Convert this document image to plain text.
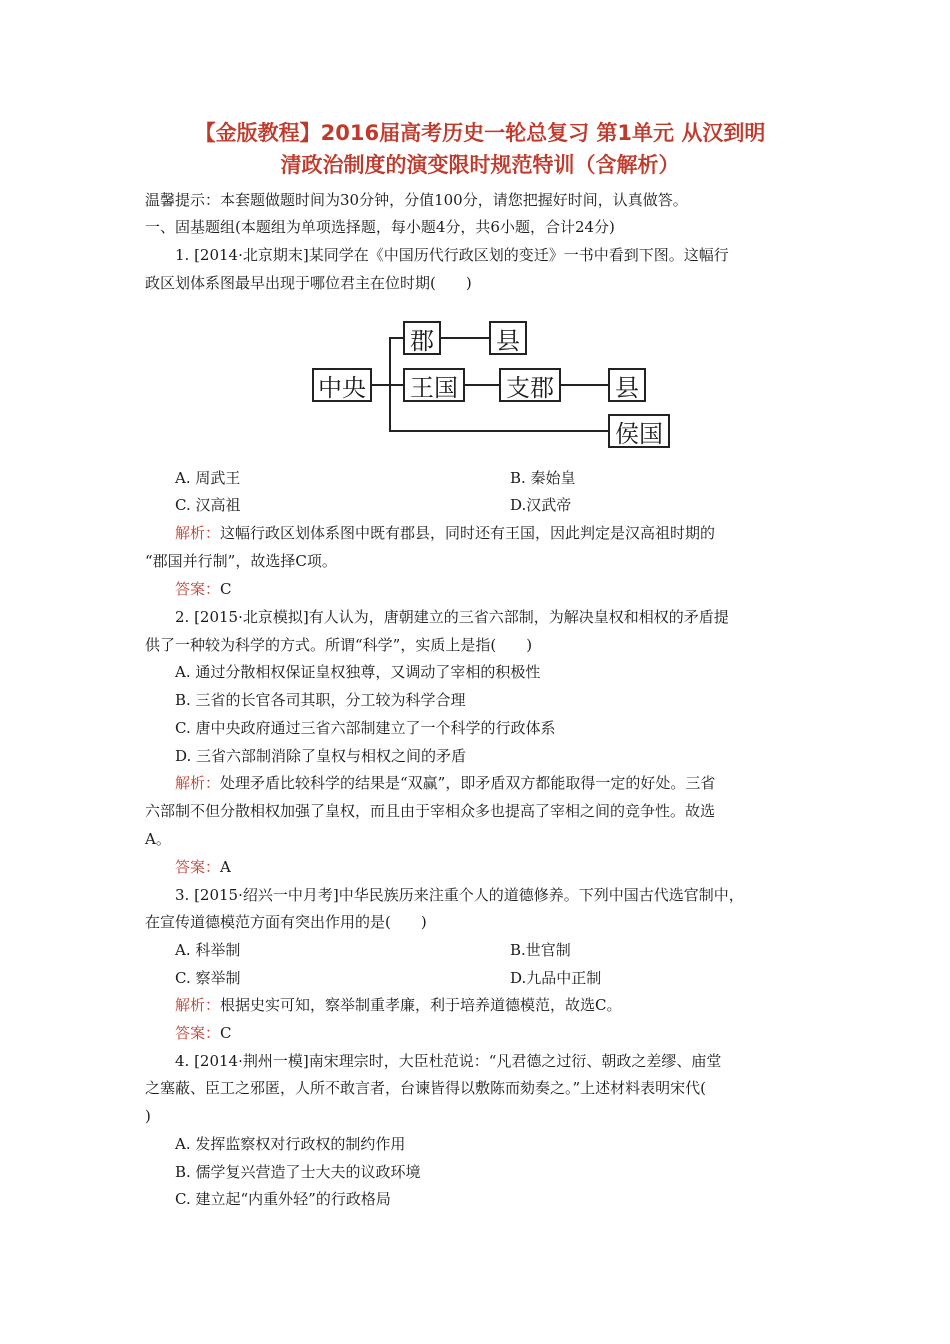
【金版教程】2016届高考历史一轮总复习 第1单元 从汉到明
清政治制度的演变限时规范特训（含解析）
温馨提示：本套题做题时间为30分钟，分值100分，请您把握好时间，认真做答。
一、固基题组(本题组为单项选择题，每小题4分，共6小题，合计24分)
1. [2014·北京期末]某同学在《中国历代行政区划的变迁》一书中看到下图。这幅行
政区划体系图最早出现于哪位君主在位时期(　　)
中央
郡	县
王国 支郡	县
侯国
A. 周武王	B. 秦始皇
C. 汉高祖	D.汉武帝
解析：这幅行政区划体系图中既有郡县，同时还有王国，因此判定是汉高祖时期的
“郡国并行制”，故选择C项。
答案：C
2. [2015·北京模拟]有人认为，唐朝建立的三省六部制，为解决皇权和相权的矛盾提
供了一种较为科学的方式。所谓“科学”，实质上是指(　　)
A. 通过分散相权保证皇权独尊，又调动了宰相的积极性
B. 三省的长官各司其职，分工较为科学合理
C. 唐中央政府通过三省六部制建立了一个科学的行政体系
D. 三省六部制消除了皇权与相权之间的矛盾
解析：处理矛盾比较科学的结果是“双赢”，即矛盾双方都能取得一定的好处。三省
六部制不但分散相权加强了皇权，而且由于宰相众多也提高了宰相之间的竞争性。故选
A。
答案：A
3. [2015·绍兴一中月考]中华民族历来注重个人的道德修养。下列中国古代选官制中，
在宣传道德模范方面有突出作用的是(　　)
A. 科举制	B.世官制
C. 察举制	D.九品中正制
解析：根据史实可知，察举制重孝廉，利于培养道德模范，故选C。
答案：C
4. [2014·荆州一模]南宋理宗时，大臣杜范说：“凡君德之过衍、朝政之差缪、庙堂
之塞蔽、臣工之邪匿，人所不敢言者，台谏皆得以敷陈而劾奏之。”上述材料表明宋代(
)
A. 发挥监察权对行政权的制约作用
B. 儒学复兴营造了士大夫的议政环境
C. 建立起“内重外轻”的行政格局
